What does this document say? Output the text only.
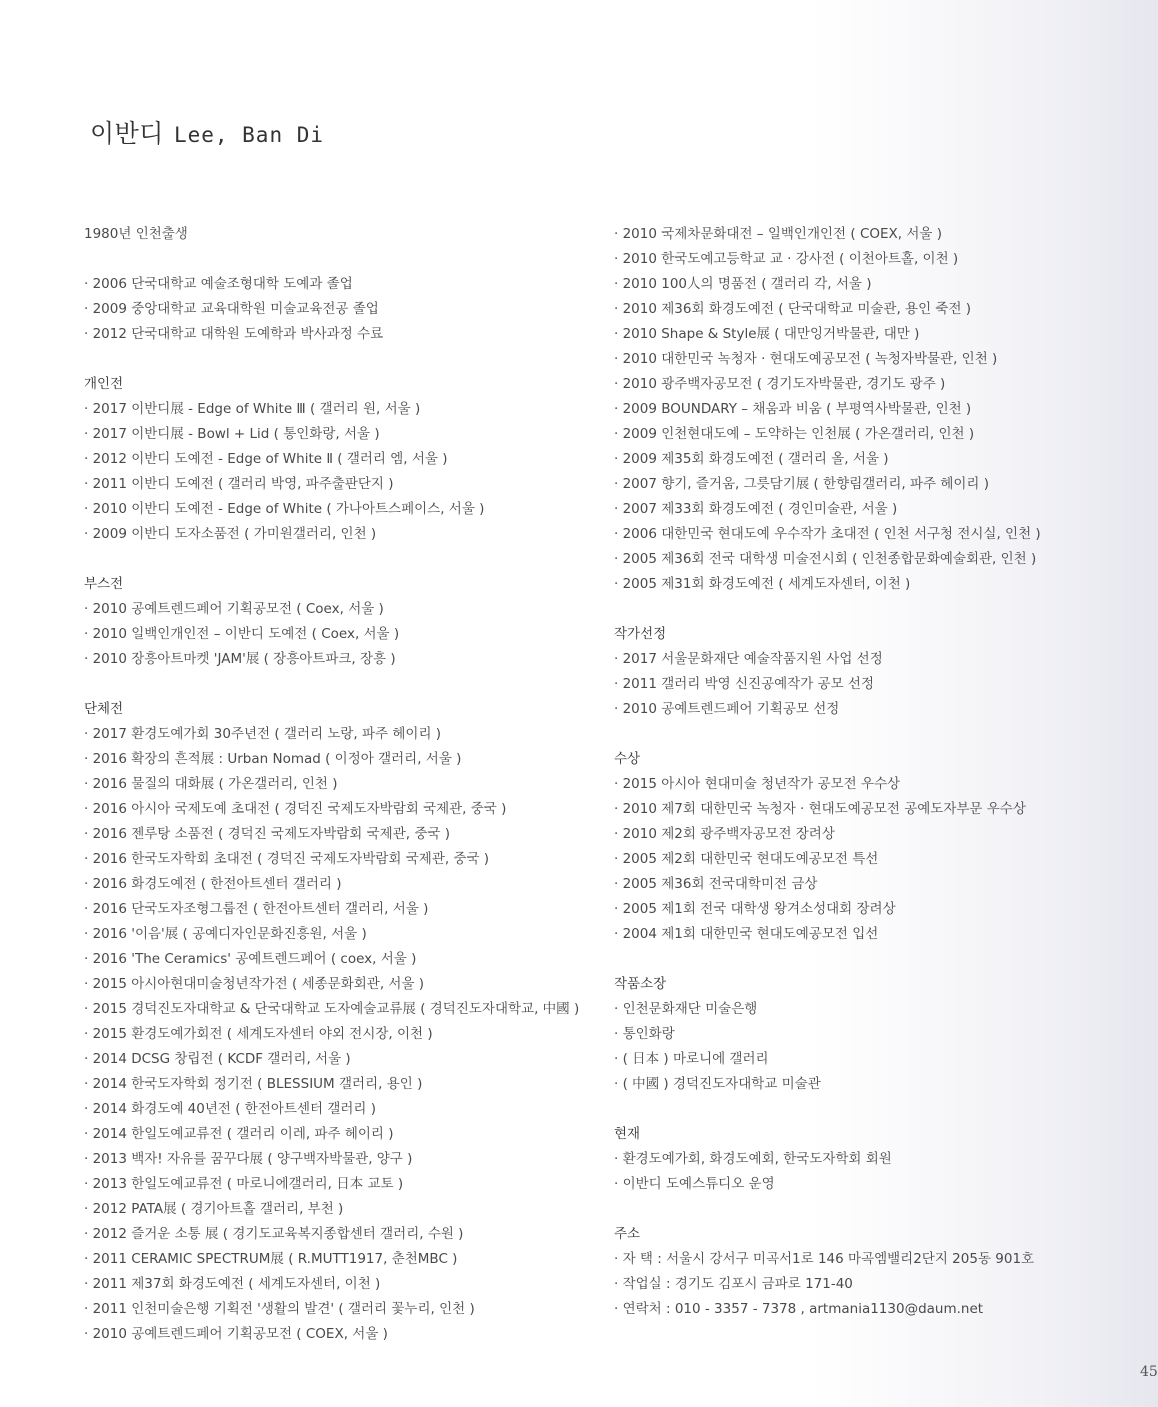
이반디 Lee, Ban Di
1980년 인천출생
· 2006 단국대학교 예술조형대학 도예과 졸업
· 2009 중앙대학교 교육대학원 미술교육전공 졸업
· 2012 단국대학교 대학원 도예학과 박사과정 수료
개인전
· 2017 이반디展 - Edge of White Ⅲ ( 갤러리 원, 서울 )
· 2017 이반디展 - Bowl + Lid ( 통인화랑, 서울 )
· 2012 이반디 도예전 - Edge of White Ⅱ ( 갤러리 엠, 서울 )
· 2011 이반디 도예전 ( 갤러리 박영, 파주출판단지 )
· 2010 이반디 도예전 - Edge of White ( 가나아트스페이스, 서울 )
· 2009 이반디 도자소품전 ( 가미원갤러리, 인천 )
부스전
· 2010 공예트렌드페어 기획공모전 ( Coex, 서울 )
· 2010 일백인개인전 – 이반디 도예전 ( Coex, 서울 )
· 2010 장흥아트마켓 'JAM'展 ( 장흥아트파크, 장흥 )
단체전
· 2017 환경도예가회 30주년전 ( 갤러리 노랑, 파주 헤이리 )
· 2016 확장의 흔적展 : Urban Nomad ( 이정아 갤러리, 서울 )
· 2016 물질의 대화展 ( 가온갤러리, 인천 )
· 2016 아시아 국제도예 초대전 ( 경덕진 국제도자박람회 국제관, 중국 )
· 2016 젠루탕 소품전 ( 경덕진 국제도자박람회 국제관, 중국 )
· 2016 한국도자학회 초대전 ( 경덕진 국제도자박람회 국제관, 중국 )
· 2016 화경도예전 ( 한전아트센터 갤러리 )
· 2016 단국도자조형그룹전 ( 한전아트센터 갤러리, 서울 )
· 2016 '이음'展 ( 공예디자인문화진흥원, 서울 )
· 2016 'The Ceramics' 공예트렌드페어 ( coex, 서울 )
· 2015 아시아현대미술청년작가전 ( 세종문화회관, 서울 )
· 2015 경덕진도자대학교 & 단국대학교 도자예술교류展 ( 경덕진도자대학교, 中國 )
· 2015 환경도예가회전 ( 세계도자센터 야외 전시장, 이천 )
· 2014 DCSG 창립전 ( KCDF 갤러리, 서울 )
· 2014 한국도자학회 정기전 ( BLESSIUM 갤러리, 용인 )
· 2014 화경도예 40년전 ( 한전아트센터 갤러리 )
· 2014 한일도예교류전 ( 갤러리 이레, 파주 헤이리 )
· 2013 백자! 자유를 꿈꾸다展 ( 양구백자박물관, 양구 )
· 2013 한일도예교류전 ( 마로니에갤러리, 日本 교토 )
· 2012 PATA展 ( 경기아트홀 갤러리, 부천 )
· 2012 즐거운 소통 展 ( 경기도교육복지종합센터 갤러리, 수원 )
· 2011 CERAMIC SPECTRUM展 ( R.MUTT1917, 춘천MBC )
· 2011 제37회 화경도예전 ( 세계도자센터, 이천 )
· 2011 인천미술은행 기획전 '생활의 발견' ( 갤러리 꽃누리, 인천 )
· 2010 공예트렌드페어 기획공모전 ( COEX, 서울 )
· 2010 국제차문화대전 – 일백인개인전 ( COEX, 서울 )
· 2010 한국도예고등학교 교 · 강사전 ( 이천아트홀, 이천 )
· 2010 100人의 명품전 ( 갤러리 각, 서울 )
· 2010 제36회 화경도예전 ( 단국대학교 미술관, 용인 죽전 )
· 2010 Shape & Style展 ( 대만잉거박물관, 대만 )
· 2010 대한민국 녹청자 · 현대도예공모전 ( 녹청자박물관, 인천 )
· 2010 광주백자공모전 ( 경기도자박물관, 경기도 광주 )
· 2009 BOUNDARY – 채움과 비움 ( 부평역사박물관, 인천 )
· 2009 인천현대도예 – 도약하는 인천展 ( 가온갤러리, 인천 )
· 2009 제35회 화경도예전 ( 갤러리 올, 서울 )
· 2007 향기, 즐거움, 그릇담기展 ( 한향림갤러리, 파주 헤이리 )
· 2007 제33회 화경도예전 ( 경인미술관, 서울 )
· 2006 대한민국 현대도예 우수작가 초대전 ( 인천 서구청 전시실, 인천 )
· 2005 제36회 전국 대학생 미술전시회 ( 인천종합문화예술회관, 인천 )
· 2005 제31회 화경도예전 ( 세계도자센터, 이천 )
작가선정
· 2017 서울문화재단 예술작품지원 사업 선정
· 2011 갤러리 박영 신진공예작가 공모 선정
· 2010 공예트렌드페어 기획공모 선정
수상
· 2015 아시아 현대미술 청년작가 공모전 우수상
· 2010 제7회 대한민국 녹청자 · 현대도예공모전 공예도자부문 우수상
· 2010 제2회 광주백자공모전 장려상
· 2005 제2회 대한민국 현대도예공모전 특선
· 2005 제36회 전국대학미전 금상
· 2005 제1회 전국 대학생 왕겨소성대회 장려상
· 2004 제1회 대한민국 현대도예공모전 입선
작품소장
· 인천문화재단 미술은행
· 통인화랑
· ( 日本 ) 마로니에 갤러리
· ( 中國 ) 경덕진도자대학교 미술관
현재
· 환경도예가회, 화경도예회, 한국도자학회 회원
· 이반디 도예스튜디오 운영
주소
· 자 택 : 서울시 강서구 미곡서1로 146 마곡엠밸리2단지 205동 901호
· 작업실 : 경기도 김포시 금파로 171-40
· 연락처 : 010 - 3357 - 7378 , artmania1130@daum.net
45
